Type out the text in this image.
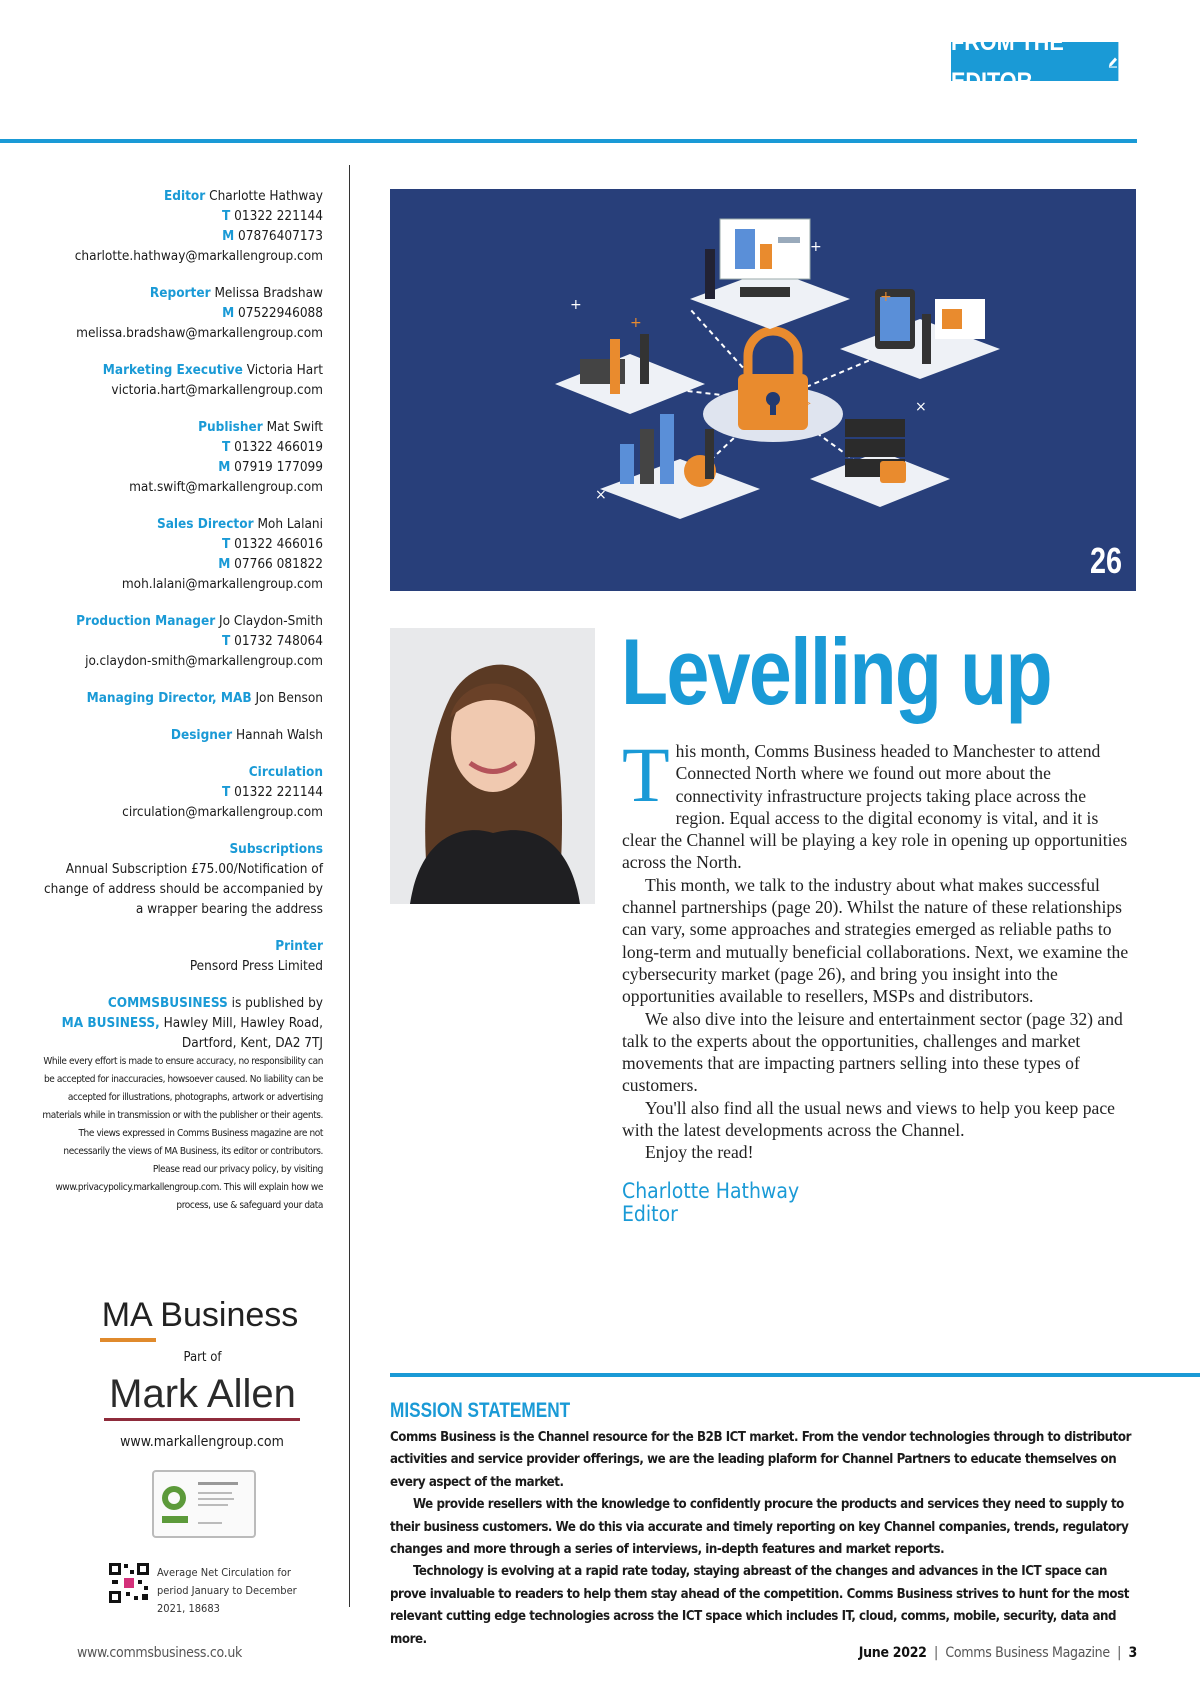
FROM THE EDITOR
Editor Charlotte Hathway
T 01322 221144
M 07876407173
charlotte.hathway@markallengroup.com
Reporter Melissa Bradshaw
M 07522946088
melissa.bradshaw@markallengroup.com
Marketing Executive Victoria Hart
victoria.hart@markallengroup.com
Publisher Mat Swift
T 01322 466019
M 07919 177099
mat.swift@markallengroup.com
Sales Director Moh Lalani
T 01322 466016
M 07766 081822
moh.lalani@markallengroup.com
Production Manager Jo Claydon-Smith
T 01732 748064
jo.claydon-smith@markallengroup.com
Managing Director, MAB Jon Benson
Designer Hannah Walsh
Circulation
T 01322 221144
circulation@markallengroup.com
Subscriptions
Annual Subscription £75.00/Notification of change of address should be accompanied by a wrapper bearing the address
Printer
Pensord Press Limited
COMMSBUSINESS is published by
MA BUSINESS, Hawley Mill, Hawley Road,
Dartford, Kent, DA2 7TJ
While every effort is made to ensure accuracy, no responsibility can be accepted for inaccuracies, howsoever caused. No liability can be accepted for illustrations, photographs, artwork or advertising materials while in transmission or with the publisher or their agents. The views expressed in Comms Business magazine are not necessarily the views of MA Business, its editor or contributors. Please read our privacy policy, by visiting www.privacypolicy.markallengroup.com. This will explain how we process, use & safeguard your data
MA Business
Part of
Mark Allen
www.markallengroup.com
Average Net Circulation for period January to December 2021, 18683
+
+
×
×
+
+
▷
26
Levelling up

This month, Comms Business headed to Manchester to attend Connected North where we found out more about the connectivity infrastructure projects taking place across the region. Equal access to the digital economy is vital, and it is clear the Channel will be playing a key role in opening up opportunities across the North.

This month, we talk to the industry about what makes successful channel partnerships (page 20). Whilst the nature of these relationships can vary, some approaches and strategies emerged as reliable paths to long-term and mutually beneficial collaborations. Next, we examine the cybersecurity market (page 26), and bring you insight into the opportunities available to resellers, MSPs and distributors.

We also dive into the leisure and entertainment sector (page 32) and talk to the experts about the opportunities, challenges and market movements that are impacting partners selling into these types of customers.

You'll also find all the usual news and views to help you keep pace with the latest developments across the Channel.

Enjoy the read!

Charlotte Hathway
Editor
MISSION STATEMENT

Comms Business is the Channel resource for the B2B ICT market. From the vendor technologies through to distributor activities and service provider offerings, we are the leading plaform for Channel Partners to educate themselves on every aspect of the market.

We provide resellers with the knowledge to confidently procure the products and services they need to supply to their business customers. We do this via accurate and timely reporting on key Channel companies, trends, regulatory changes and more through a series of interviews, in-depth features and market reports.

Technology is evolving at a rapid rate today, staying abreast of the changes and advances in the ICT space can prove invaluable to readers to help them stay ahead of the competition. Comms Business strives to hunt for the most relevant cutting edge technologies across the ICT space which includes IT, cloud, comms, mobile, security, data and more.

www.commsbusiness.co.uk	June 2022  |  Comms Business Magazine  |  3
